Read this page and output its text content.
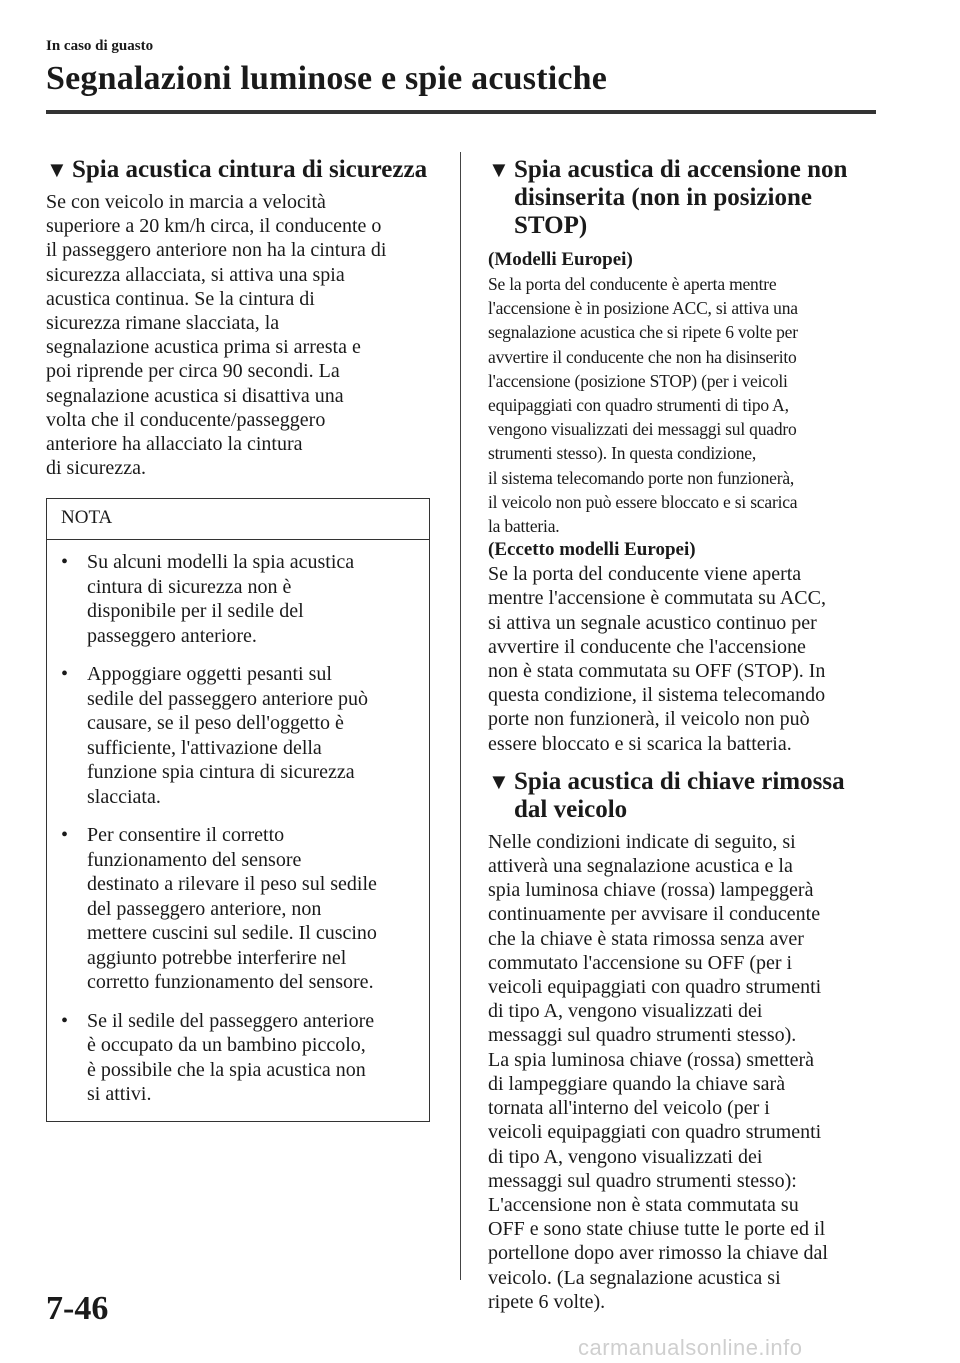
In caso di guasto
Segnalazioni luminose e spie acustiche
▼ Spia acustica cintura di sicurezza

Se con veicolo in marcia a velocità
superiore a 20 km/h circa, il conducente o
il passeggero anteriore non ha la cintura di
sicurezza allacciata, si attiva una spia
acustica continua. Se la cintura di
sicurezza rimane slacciata, la
segnalazione acustica prima si arresta e
poi riprende per circa 90 secondi. La
segnalazione acustica si disattiva una
volta che il conducente/passeggero
anteriore ha allacciato la cintura
di sicurezza.

NOTA
• Su alcuni modelli la spia acustica
cintura di sicurezza non è
disponibile per il sedile del
passeggero anteriore.
• Appoggiare oggetti pesanti sul
sedile del passeggero anteriore può
causare, se il peso dell'oggetto è
sufficiente, l'attivazione della
funzione spia cintura di sicurezza
slacciata.
• Per consentire il corretto
funzionamento del sensore
destinato a rilevare il peso sul sedile
del passeggero anteriore, non
mettere cuscini sul sedile. Il cuscino
aggiunto potrebbe interferire nel
corretto funzionamento del sensore.
• Se il sedile del passeggero anteriore
è occupato da un bambino piccolo,
è possibile che la spia acustica non
si attivi.
▼ Spia acustica di accensione non disinserita (non in posizione STOP)

(Modelli Europei)

Se la porta del conducente è aperta mentre
l'accensione è in posizione ACC, si attiva una
segnalazione acustica che si ripete 6 volte per
avvertire il conducente che non ha disinserito
l'accensione (posizione STOP) (per i veicoli
equipaggiati con quadro strumenti di tipo A,
vengono visualizzati dei messaggi sul quadro
strumenti stesso). In questa condizione,
il sistema telecomando porte non funzionerà,
il veicolo non può essere bloccato e si scarica
la batteria.

(Eccetto modelli Europei)

Se la porta del conducente viene aperta
mentre l'accensione è commutata su ACC,
si attiva un segnale acustico continuo per
avvertire il conducente che l'accensione
non è stata commutata su OFF (STOP). In
questa condizione, il sistema telecomando
porte non funzionerà, il veicolo non può
essere bloccato e si scarica la batteria.

▼ Spia acustica di chiave rimossa dal veicolo

Nelle condizioni indicate di seguito, si
attiverà una segnalazione acustica e la
spia luminosa chiave (rossa) lampeggerà
continuamente per avvisare il conducente
che la chiave è stata rimossa senza aver
commutato l'accensione su OFF (per i
veicoli equipaggiati con quadro strumenti
di tipo A, vengono visualizzati dei
messaggi sul quadro strumenti stesso).
La spia luminosa chiave (rossa) smetterà
di lampeggiare quando la chiave sarà
tornata all'interno del veicolo (per i
veicoli equipaggiati con quadro strumenti
di tipo A, vengono visualizzati dei
messaggi sul quadro strumenti stesso):
L'accensione non è stata commutata su
OFF e sono state chiuse tutte le porte ed il
portellone dopo aver rimosso la chiave dal
veicolo. (La segnalazione acustica si
ripete 6 volte).

7-46
carmanualsonline.info
